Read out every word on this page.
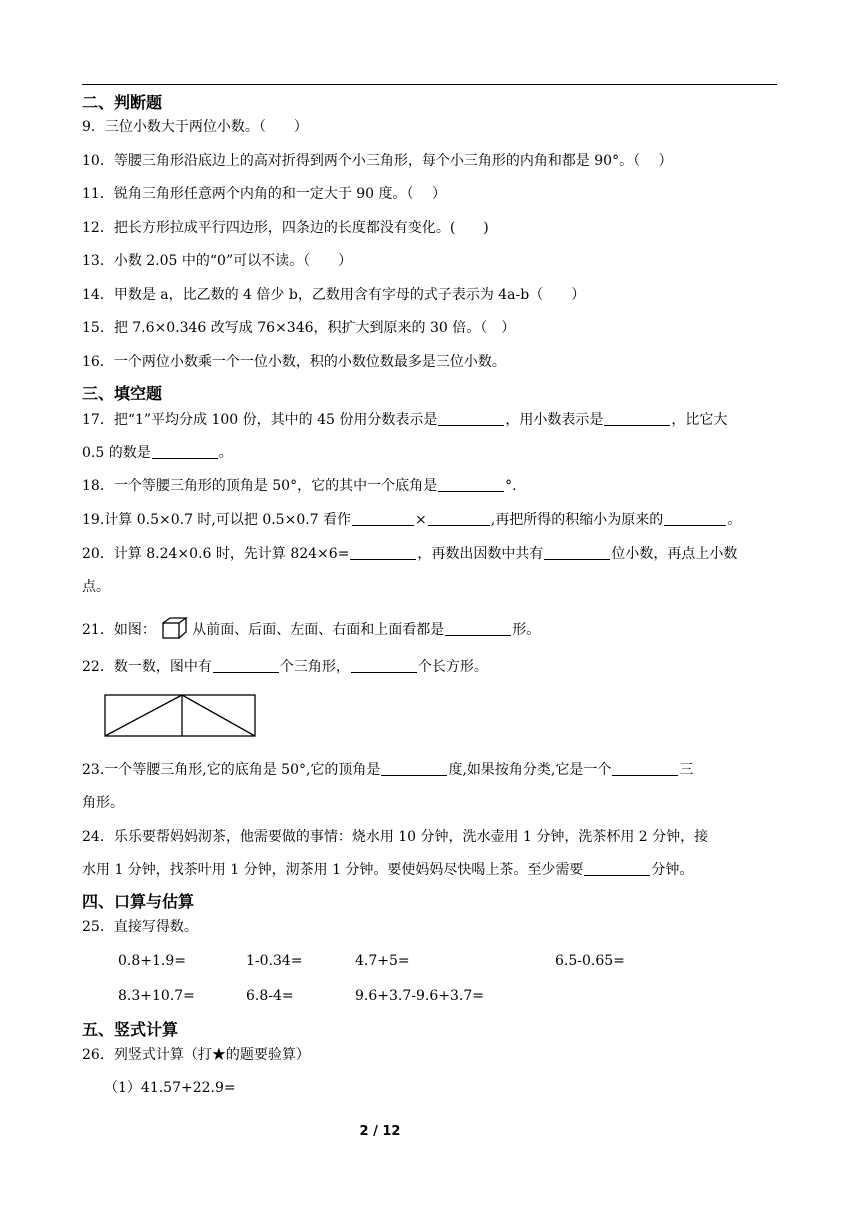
二、判断题
9．三位小数大于两位小数。（　　）
10．等腰三角形沿底边上的高对折得到两个小三角形，每个小三角形的内角和都是 90°。（　 ）
11．锐角三角形任意两个内角的和一定大于 90 度。（　 ）
12．把长方形拉成平行四边形，四条边的长度都没有变化。(　　)
13．小数 2.05 中的“0”可以不读。（　　）
14．甲数是 a，比乙数的 4 倍少 b，乙数用含有字母的式子表示为 4a-b（　　）
15．把 7.6×0.346 改写成 76×346，积扩大到原来的 30 倍。（　）
16．一个两位小数乘一个一位小数，积的小数位数最多是三位小数。
三、填空题
17．把“1”平均分成 100 份，其中的 45 份用分数表示是	，用小数表示是	，比它大
0.5 的数是	。
18．一个等腰三角形的顶角是 50°，它的其中一个底角是	°.
19.计算 0.5×0.7 时,可以把 0.5×0.7 看作	×	,再把所得的积缩小为原来的	。
20．计算 8.24×0.6 时，先计算 824×6=	，再数出因数中共有	位小数，再点上小数
点。
21．如图：	从前面、后面、左面、右面和上面看都是	形。
22．数一数，图中有	个三角形，	个长方形。
23.一个等腰三角形,它的底角是 50°,它的顶角是	度,如果按角分类,它是一个	三
角形。
24．乐乐要帮妈妈沏茶，他需要做的事情：烧水用 10 分钟，洗水壶用 1 分钟，洗茶杯用 2 分钟，接
水用 1 分钟，找茶叶用 1 分钟，沏茶用 1 分钟。要使妈妈尽快喝上茶。至少需要	分钟。
四、口算与估算
25．直接写得数。
0.8+1.9=	1-0.34=	4.7+5=	6.5-0.65=
8.3+10.7=	6.8-4=	9.6+3.7-9.6+3.7=
五、竖式计算
26．列竖式计算（打★的题要验算）
（1）41.57+22.9=
2 / 12
